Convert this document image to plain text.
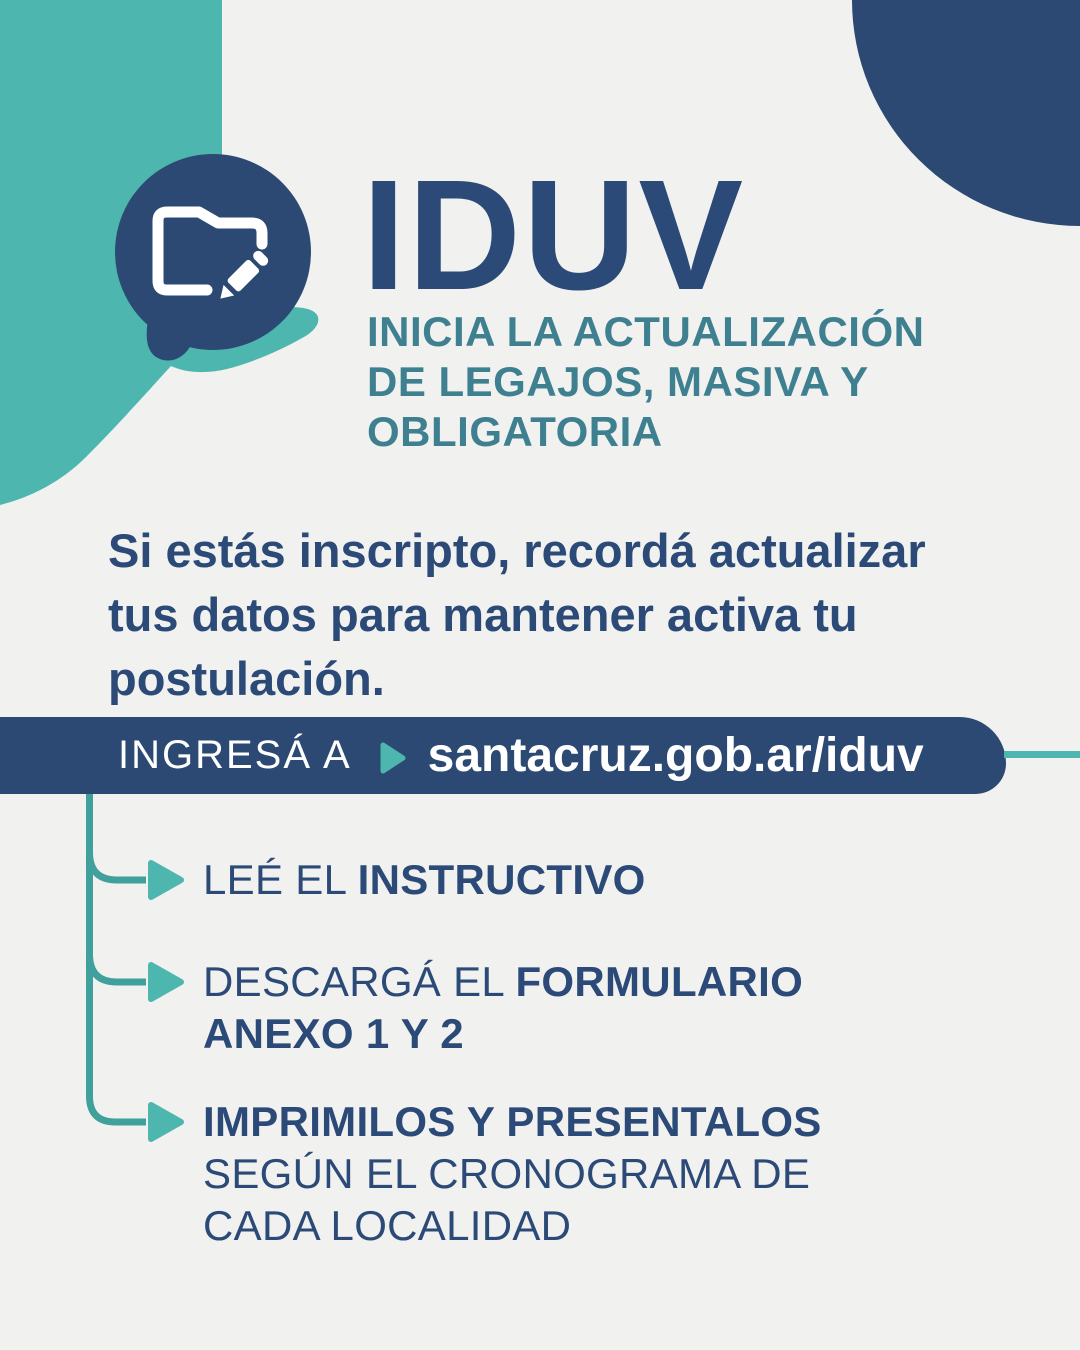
IDUV
INICIA LA ACTUALIZACIÓN
DE LEGAJOS, MASIVA Y
OBLIGATORIA
Si estás inscripto, recordá actualizar
tus datos para mantener activa tu
postulación.
INGRESÁ A santacruz.gob.ar/iduv
LEÉ EL INSTRUCTIVO
DESCARGÁ EL FORMULARIO
ANEXO 1 Y 2
IMPRIMILOS Y PRESENTALOS
SEGÚN EL CRONOGRAMA DE
CADA LOCALIDAD
